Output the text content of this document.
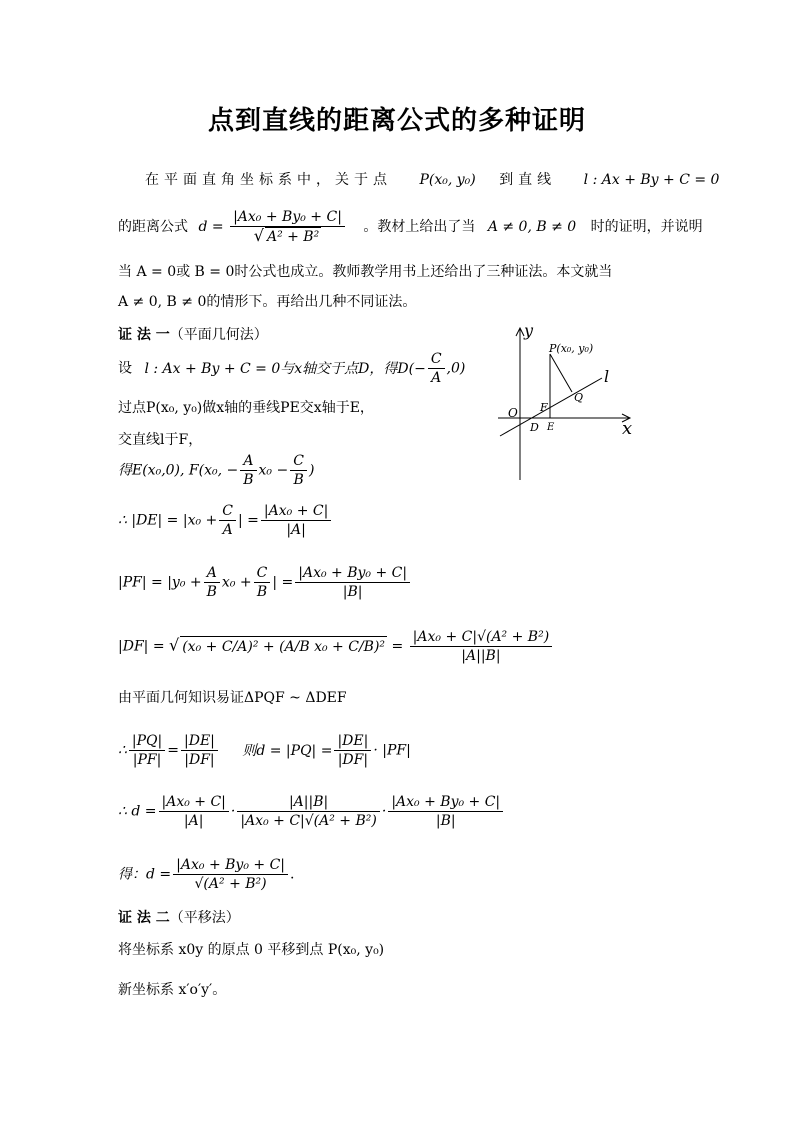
点到直线的距离公式的多种证明
在平面直角坐标系中，关于点 P(x₀, y₀) 到直线 l : Ax + By + C = 0
的距离公式 $d = \frac{\text{|Ax₀ + By₀ + C|}}{\text{√ A² + B²}}$ 。教材上给出了当 A ≠ 0, B ≠ 0 时的证明，并说明
当 A = 0或 B = 0时公式也成立。教师教学用书上还给出了三种证法。本文就当
A ≠ 0, B ≠ 0的情形下。再给出几种不同证法。
证 法 一（平面几何法）
设 l : Ax + By + C = 0与x轴交于点D，得$D(- \frac{C}{A} ,0)$
过点P(x₀, y₀)做x轴的垂线PE交x轴于E，
交直线l于F，
得E(x₀,0), F(x₀, − $\frac{A}{B} x_0 - \frac{C}{B}$ )
∴ $|DE| = |x_0 + \frac{C}{A}$ | = $\frac{\text{|Ax₀ + C|}}{|A|}$
$|PF| = |y_0 + \frac{A}{B} x_0 + \frac{C}{B}$ | = $\frac{\text{|Ax₀ + By₀ + C|}}{|B|}$
|DF| = √ (x₀ + C/A)² + (A/B $x_0 + C/B)^2 = \frac{\text{|Ax₀ + C|√(A² + B²)}}{|A||B|}$
由平面几何知识易证ΔPQF ~ ΔDEF
∴ $\frac{|PQ|}{|PF|} = \frac{|DE|}{|DF|}$ 则$d = |PQ| = \frac{|DE|}{|DF|} \cdot |PF|$
∴ $d = \frac{\text{|Ax₀ + C|}}{|A|} \cdot \frac{|A||B|}{\text{|Ax₀ + C|√(A² + B²)}} \cdot \frac{\text{|Ax₀ + By₀ + C|}}{|B|}$
得：$d = \frac{\text{|Ax₀ + By₀ + C|}}{\text{√(A² + B²)}}$ .
证 法 二（平移法）
将坐标系 x0y 的原点 0 平移到点 P(x₀, y₀)
新坐标系 x′o′y′。
y
x
l
P(x₀, y₀)
Q
F
O
D E
